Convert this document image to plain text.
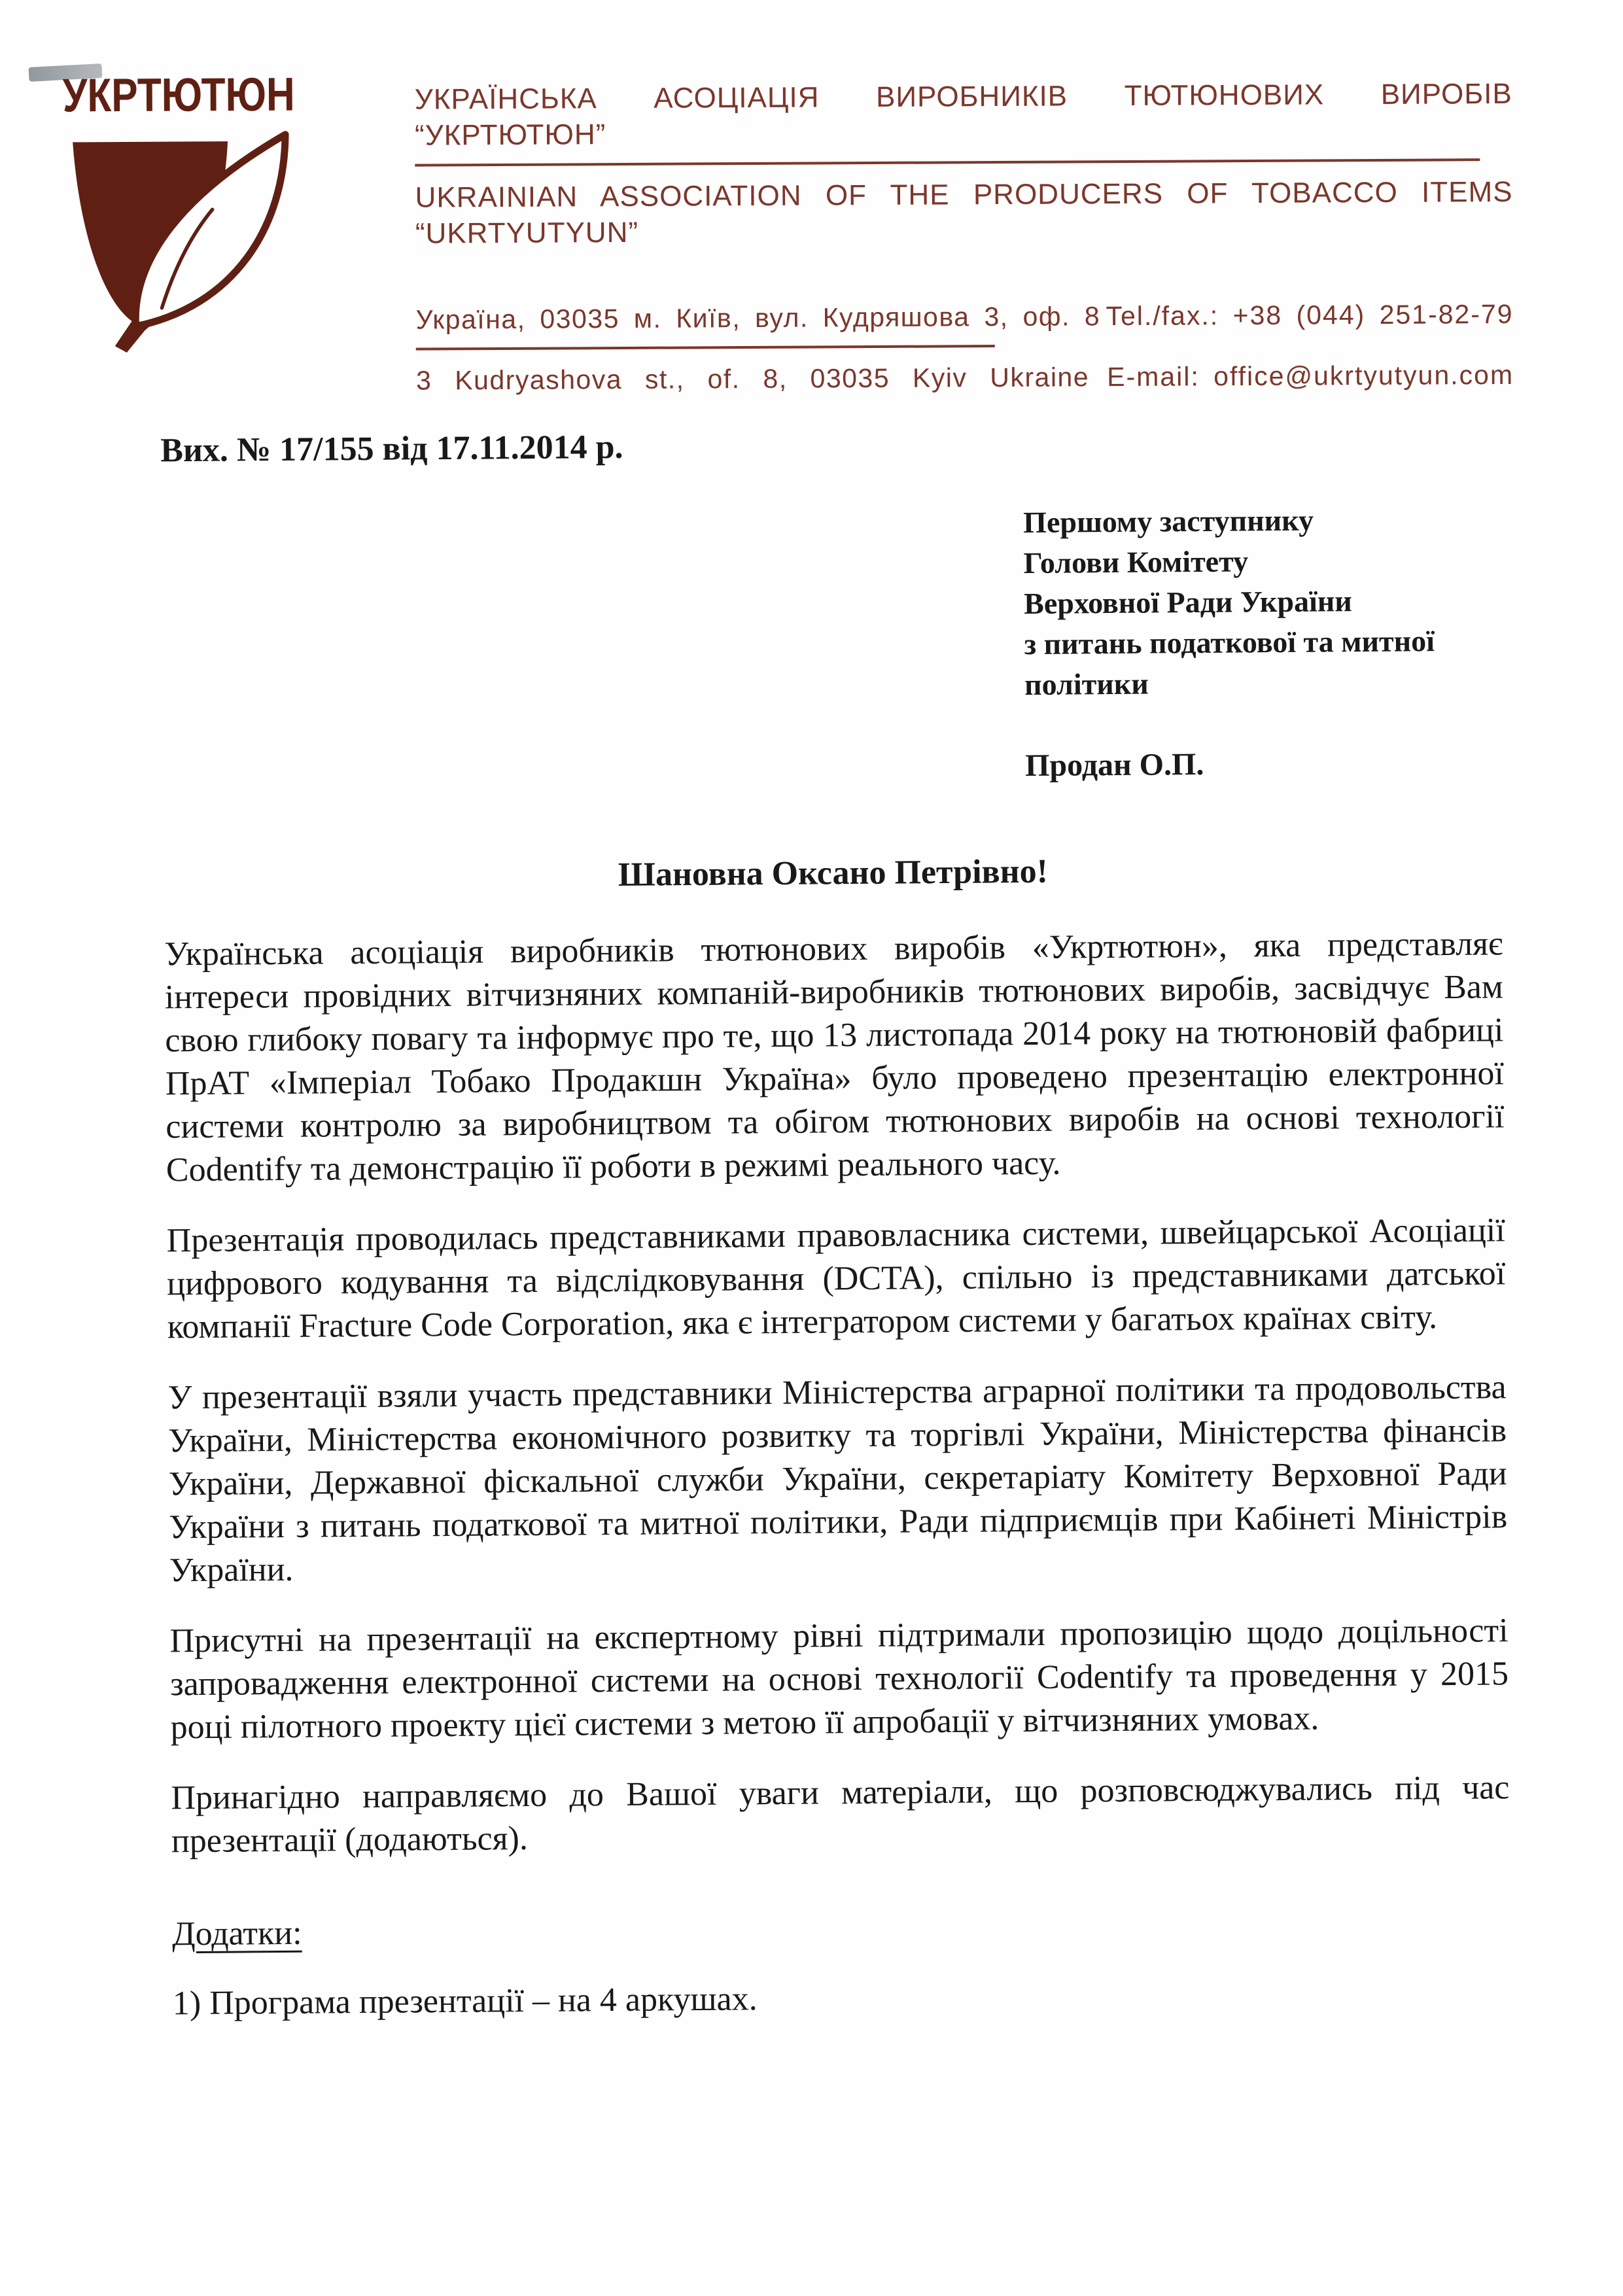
УКРТЮТЮН	УКРАЇНСЬКА АСОЦІАЦІЯ ВИРОБНИКІВ ТЮТЮНОВИХ ВИРОБІВ “УКРТЮТЮН”
UKRAINIAN ASSOCIATION OF THE PRODUCERS OF TOBACCO ITEMS “UKRTYUTYUN”
Україна, 03035 м. Київ, вул. Кудряшова 3, оф. 8 Tel./fax.: +38 (044) 251-82-79
3 Kudryashova st., of. 8, 03035 Kyiv Ukraine E-mail: office@ukrtyutyun.com
Вих. № 17/155 від 17.11.2014 р.
Першому заступнику
Голови Комітету
Верховної Ради України
з питань податкової та митної
політики
Продан О.П.
Шановна Оксано Петрівно!
Українська асоціація виробників тютюнових виробів «Укртютюн», яка представляє інтереси провідних вітчизняних компаній-виробників тютюнових виробів, засвідчує Вам свою глибоку повагу та інформує про те, що 13 листопада 2014 року на тютюновій фабриці ПрАТ «Імперіал Тобако Продакшн Україна» було проведено презентацію електронної системи контролю за виробництвом та обігом тютюнових виробів на основі технології Codentify та демонстрацію її роботи в режимі реального часу.
Презентація проводилась представниками правовласника системи, швейцарської Асоціації цифрового кодування та відслідковування (DCTA), спільно із представниками датської компанії Fracture Code Corporation, яка є інтегратором системи у багатьох країнах світу.
У презентації взяли участь представники Міністерства аграрної політики та продовольства України, Міністерства економічного розвитку та торгівлі України, Міністерства фінансів України, Державної фіскальної служби України, секретаріату Комітету Верховної Ради України з питань податкової та митної політики, Ради підприємців при Кабінеті Міністрів України.
Присутні на презентації на експертному рівні підтримали пропозицію щодо доцільності запровадження електронної системи на основі технології Codentify та проведення у 2015 році пілотного проекту цієї системи з метою її апробації у вітчизняних умовах.
Принагідно направляємо до Вашої уваги матеріали, що розповсюджувались під час презентації (додаються).
Додатки:
1) Програма презентації – на 4 аркушах.
